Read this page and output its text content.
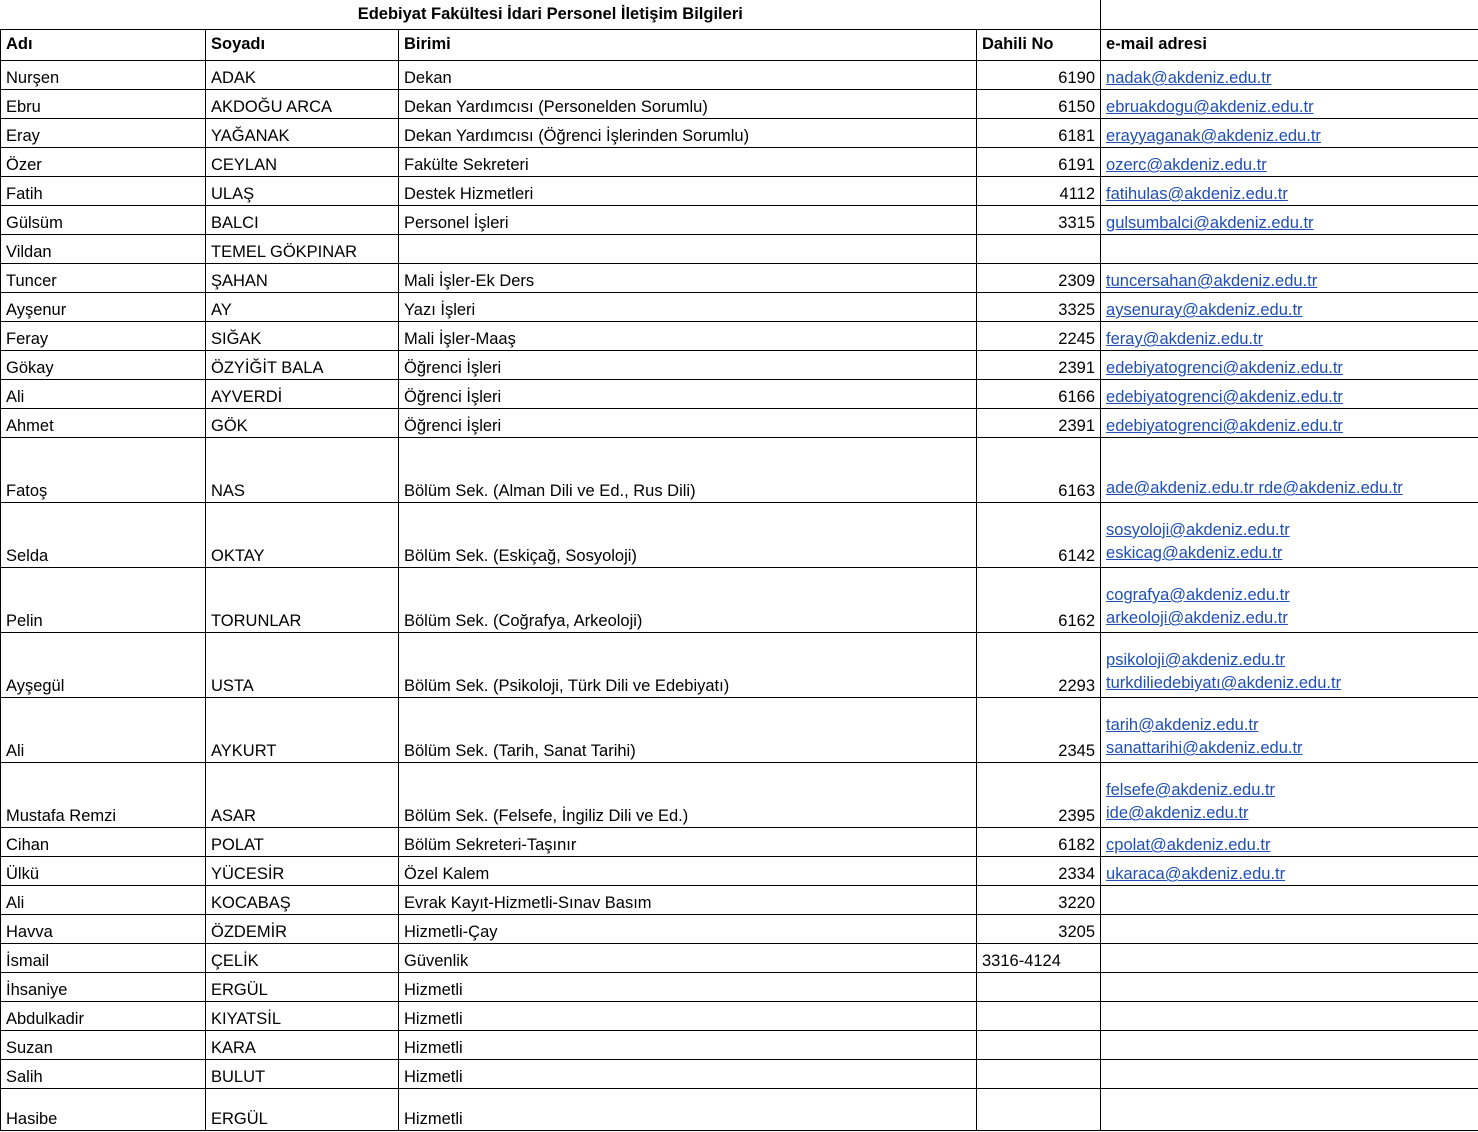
Edebiyat Fakültesi İdari Personel İletişim Bilgileri				
Adı	Soyadı	Birimi	Dahili No	e-mail adresi
Nurşen	ADAK	Dekan	6190	nadak@akdeniz.edu.tr

Ebru	AKDOĞU ARCA	Dekan Yardımcısı (Personelden Sorumlu)	6150	ebruakdogu@akdeniz.edu.tr

Eray	YAĞANAK	Dekan Yardımcısı (Öğrenci İşlerinden Sorumlu)	6181	erayyaganak@akdeniz.edu.tr

Özer	CEYLAN	Fakülte Sekreteri	6191	ozerc@akdeniz.edu.tr

Fatih	ULAŞ	Destek Hizmetleri	4112	fatihulas@akdeniz.edu.tr

Gülsüm	BALCI	Personel İşleri	3315	gulsumbalci@akdeniz.edu.tr

Vildan	TEMEL GÖKPINAR			
Tuncer	ŞAHAN	Mali İşler-Ek Ders	2309	tuncersahan@akdeniz.edu.tr

Ayşenur	AY	Yazı İşleri	3325	aysenuray@akdeniz.edu.tr

Feray	SIĞAK	Mali İşler-Maaş	2245	feray@akdeniz.edu.tr

Gökay	ÖZYİĞİT BALA	Öğrenci İşleri	2391	edebiyatogrenci@akdeniz.edu.tr

Ali	AYVERDİ	Öğrenci İşleri	6166	edebiyatogrenci@akdeniz.edu.tr

Ahmet	GÖK	Öğrenci İşleri	2391	edebiyatogrenci@akdeniz.edu.tr

Fatoş	NAS	Bölüm Sek. (Alman Dili ve Ed., Rus Dili)	6163	ade@akdeniz.edu.tr rde@akdeniz.edu.tr

Selda	OKTAY	Bölüm Sek. (Eskiçağ, Sosyoloji)	6142	sosyoloji@akdeniz.edu.tr
eskicag@akdeniz.edu.tr

Pelin	TORUNLAR	Bölüm Sek. (Coğrafya, Arkeoloji)	6162	cografya@akdeniz.edu.tr
arkeoloji@akdeniz.edu.tr

Ayşegül	USTA	Bölüm Sek. (Psikoloji, Türk Dili ve Edebiyatı)	2293	psikoloji@akdeniz.edu.tr
turkdiliedebiyatı@akdeniz.edu.tr

Ali	AYKURT	Bölüm Sek. (Tarih, Sanat Tarihi)	2345	tarih@akdeniz.edu.tr
sanattarihi@akdeniz.edu.tr

Mustafa Remzi	ASAR	Bölüm Sek. (Felsefe, İngiliz Dili ve Ed.)	2395	felsefe@akdeniz.edu.tr
ide@akdeniz.edu.tr

Cihan	POLAT	Bölüm Sekreteri-Taşınır	6182	cpolat@akdeniz.edu.tr

Ülkü	YÜCESİR	Özel Kalem	2334	ukaraca@akdeniz.edu.tr

Ali	KOCABAŞ	Evrak Kayıt-Hizmetli-Sınav Basım	3220	
Havva	ÖZDEMİR	Hizmetli-Çay	3205	
İsmail	ÇELİK	Güvenlik	3316-4124	
İhsaniye	ERGÜL	Hizmetli		
Abdulkadir	KIYATSİL	Hizmetli		
Suzan	KARA	Hizmetli		
Salih	BULUT	Hizmetli		
Hasibe	ERGÜL	Hizmetli		
